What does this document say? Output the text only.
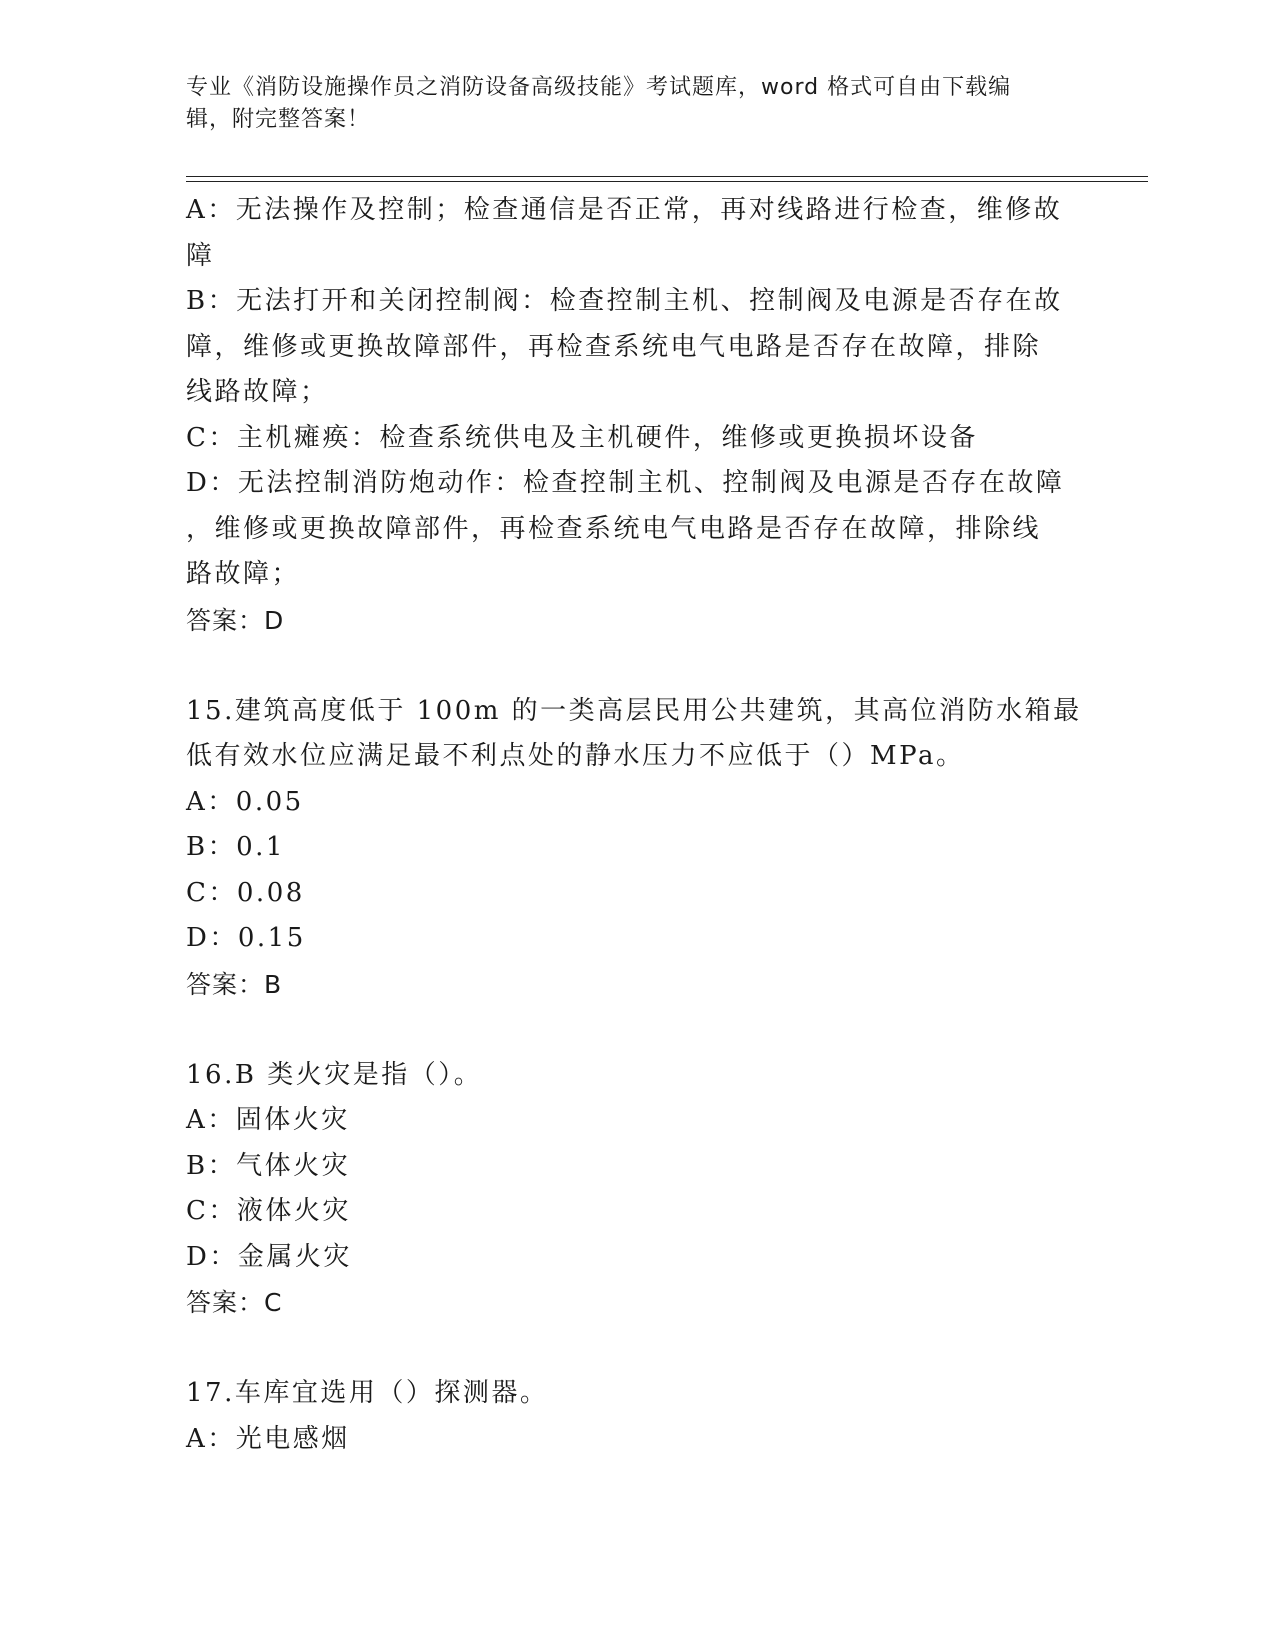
专业《消防设施操作员之消防设备高级技能》考试题库，word 格式可自由下载编
辑，附完整答案！
A：无法操作及控制；检查通信是否正常，再对线路进行检查，维修故
障
B：无法打开和关闭控制阀：检查控制主机、控制阀及电源是否存在故
障，维修或更换故障部件，再检查系统电气电路是否存在故障，排除
线路故障；
C：主机瘫痪：检查系统供电及主机硬件，维修或更换损坏设备
D：无法控制消防炮动作：检查控制主机、控制阀及电源是否存在故障
，维修或更换故障部件，再检查系统电气电路是否存在故障，排除线
路故障；
答案：D
15.建筑高度低于 100m 的一类高层民用公共建筑，其高位消防水箱最
低有效水位应满足最不利点处的静水压力不应低于（）MPa。
A：0.05
B：0.1
C：0.08
D：0.15
答案：B
16.B 类火灾是指（）。
A：固体火灾
B：气体火灾
C：液体火灾
D：金属火灾
答案：C
17.车库宜选用（）探测器。
A：光电感烟
